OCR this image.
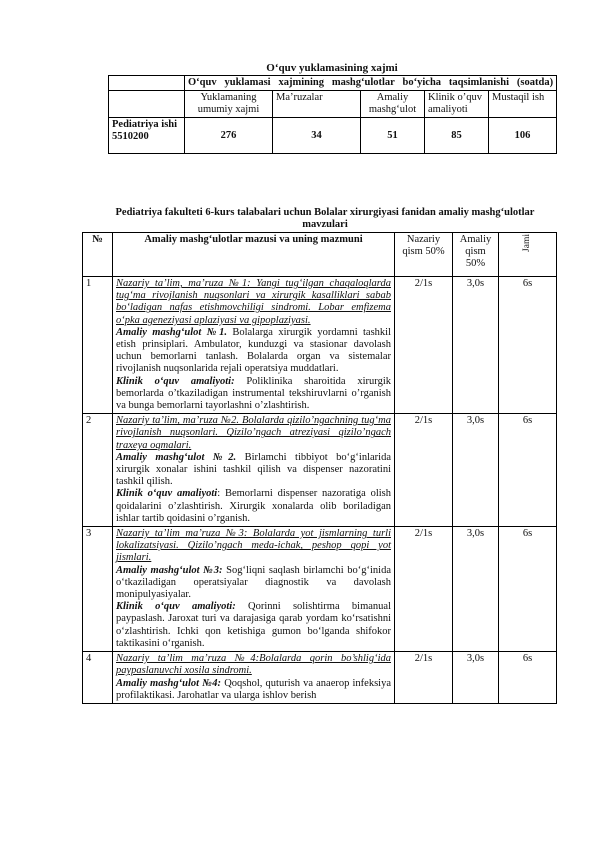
O‘quv yuklamasining xajmi

	O‘quv yuklamasi xajmining mashg‘ulotlar bo‘yicha taqsimlanishi (soatda)				

	Yuklamaning umumiy xajmi	Ma’ruzalar	Amaliy mashg‘ulot	Klinik o’quv amaliyoti	Mustaqil ish
Pediatriya ishi 5510200	276	34	51	85	106
Pediatriya fakulteti 6-kurs talabalari uchun Bolalar xirurgiyasi fanidan amaliy mashg‘ulotlar mavzulari
№	Amaliy mashg‘ulotlar mazusi va uning mazmuni	Nazariy qism 50%	Amaliy qism 50%	Jami
1	Nazariy ta’lim, ma’ruza №1: Yangi tug‘ilgan chaqaloqlarda tug‘ma rivojlanish nuqsonlari va xirurgik kasalliklari sabab bo‘ladigan nafas etishmovchiligi sindromi. Lobar emfizema o‘pka ageneziyasi aplaziyasi va gipoplaziyasi.

Amaliy mashg‘ulot №1. Bolalarga xirurgik yordamni tashkil etish prinsiplari. Ambulator, kunduzgi va stasionar davolash uchun bemorlarni tanlash. Bolalarda organ va sistemalar rivojlanish nuqsonlarida rejali operatsiya muddatlari.

Klinik o‘quv amaliyoti: Poliklinika sharoitida xirurgik bemorlarda o’tkaziladigan instrumental tekshiruvlarni o’rganish va bunga bemorlarni tayorlashni o’zlashtirish.	2/1s	3,0s	6s
2	Nazariy ta’lim, ma’ruza №2. Bolalarda qizilo’ngachning tug‘ma rivojlanish nuqsonlari. Qizilo’ngach atreziyasi qizilo’ngach traxeya oqmalari.

Amaliy mashg‘ulot №2. Birlamchi tibbiyot bo‘g‘inlarida xirurgik xonalar ishini tashkil qilish va dispenser nazoratini tashkil qilish.

Klinik o‘quv amaliyoti: Bemorlarni dispenser nazoratiga olish qoidalarini o’zlashtirish. Xirurgik xonalarda olib boriladigan ishlar tartib qoidasini o’rganish.	2/1s	3,0s	6s
3	Nazariy ta’lim ma’ruza №3: Bolalarda yot jismlarning turli lokalizatsiyasi. Qizilo’ngach meda-ichak, peshop qopi yot jismlari.

Amaliy mashg‘ulot №3: Sog‘liqni saqlash birlamchi bo‘g‘inida o‘tkaziladigan operatsiyalar diagnostik va davolash monipulyasiyalar.

Klinik o‘quv amaliyoti: Qorinni solishtirma bimanual paypaslash. Jaroxat turi va darajasiga qarab yordam ko‘rsatishni o‘zlashtirish. Ichki qon ketishiga gumon bo‘lganda shifokor taktikasini o‘rganish.	2/1s	3,0s	6s
4	Nazariy ta’lim ma’ruza №4:Bolalarda qorin bo’shlig‘ida paypaslanuvchi xosila sindromi.

Amaliy mashg‘ulot №4: Qoqshol, quturish va anaerop infeksiya profilaktikasi. Jarohatlar va ularga ishlov berish	2/1s	3,0s	6s
